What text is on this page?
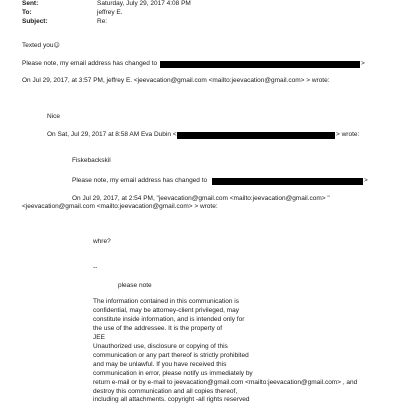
Sent:	Saturday, July 29, 2017 4:08 PM
To:	jeffrey E.
Subject:	Re:
Texted you☺
Please note, my email address has changed to	>
On Jul 29, 2017, at 3:57 PM, jeffrey E. <jeevacation@gmail.com <mailto:jeevacation@gmail.com> > wrote:
Nice
On Sat, Jul 29, 2017 at 8:58 AM Eva Dubin <	> wrote:
Fiskebackskil
Please note, my email address has changed to	>
On Jul 29, 2017, at 2:54 PM, "jeevacation@gmail.com <mailto:jeevacation@gmail.com> "
<jeevacation@gmail.com <mailto:jeevacation@gmail.com> > wrote:
whre?
--
please note
The information contained in this communication is
confidential, may be attorney-client privileged, may
constitute inside information, and is intended only for
the use of the addressee. It is the property of
JEE
Unauthorized use, disclosure or copying of this
communication or any part thereof is strictly prohibited
and may be unlawful. If you have received this
communication in error, please notify us immediately by
return e-mail or by e-mail to jeevacation@gmail.com <mailto:jeevacation@gmail.com> , and
destroy this communication and all copies thereof,
including all attachments. copyright -all rights reserved
